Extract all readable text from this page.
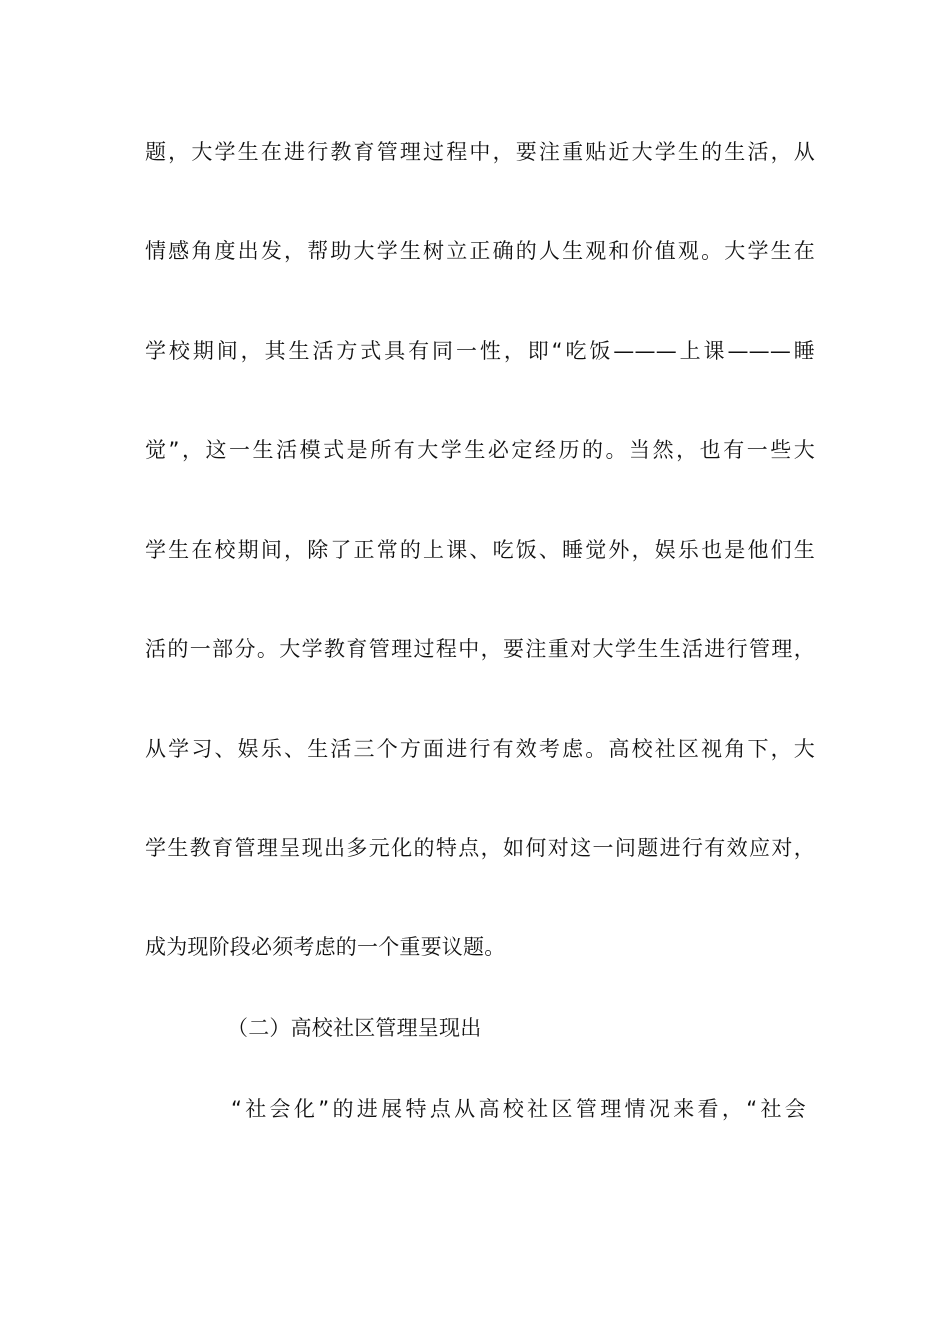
题，大学生在进行教育管理过程中，要注重贴近大学生的生活，从
情感角度出发，帮助大学生树立正确的人生观和价值观。大学生在
学校期间，其生活方式具有同一性，即“吃饭———上课———睡
觉”，这一生活模式是所有大学生必定经历的。当然，也有一些大
学生在校期间，除了正常的上课、吃饭、睡觉外，娱乐也是他们生
活的一部分。大学教育管理过程中，要注重对大学生生活进行管理，
从学习、娱乐、生活三个方面进行有效考虑。高校社区视角下，大
学生教育管理呈现出多元化的特点，如何对这一问题进行有效应对，
成为现阶段必须考虑的一个重要议题。
（二）高校社区管理呈现出
“社会化”的进展特点从高校社区管理情况来看，“社会
